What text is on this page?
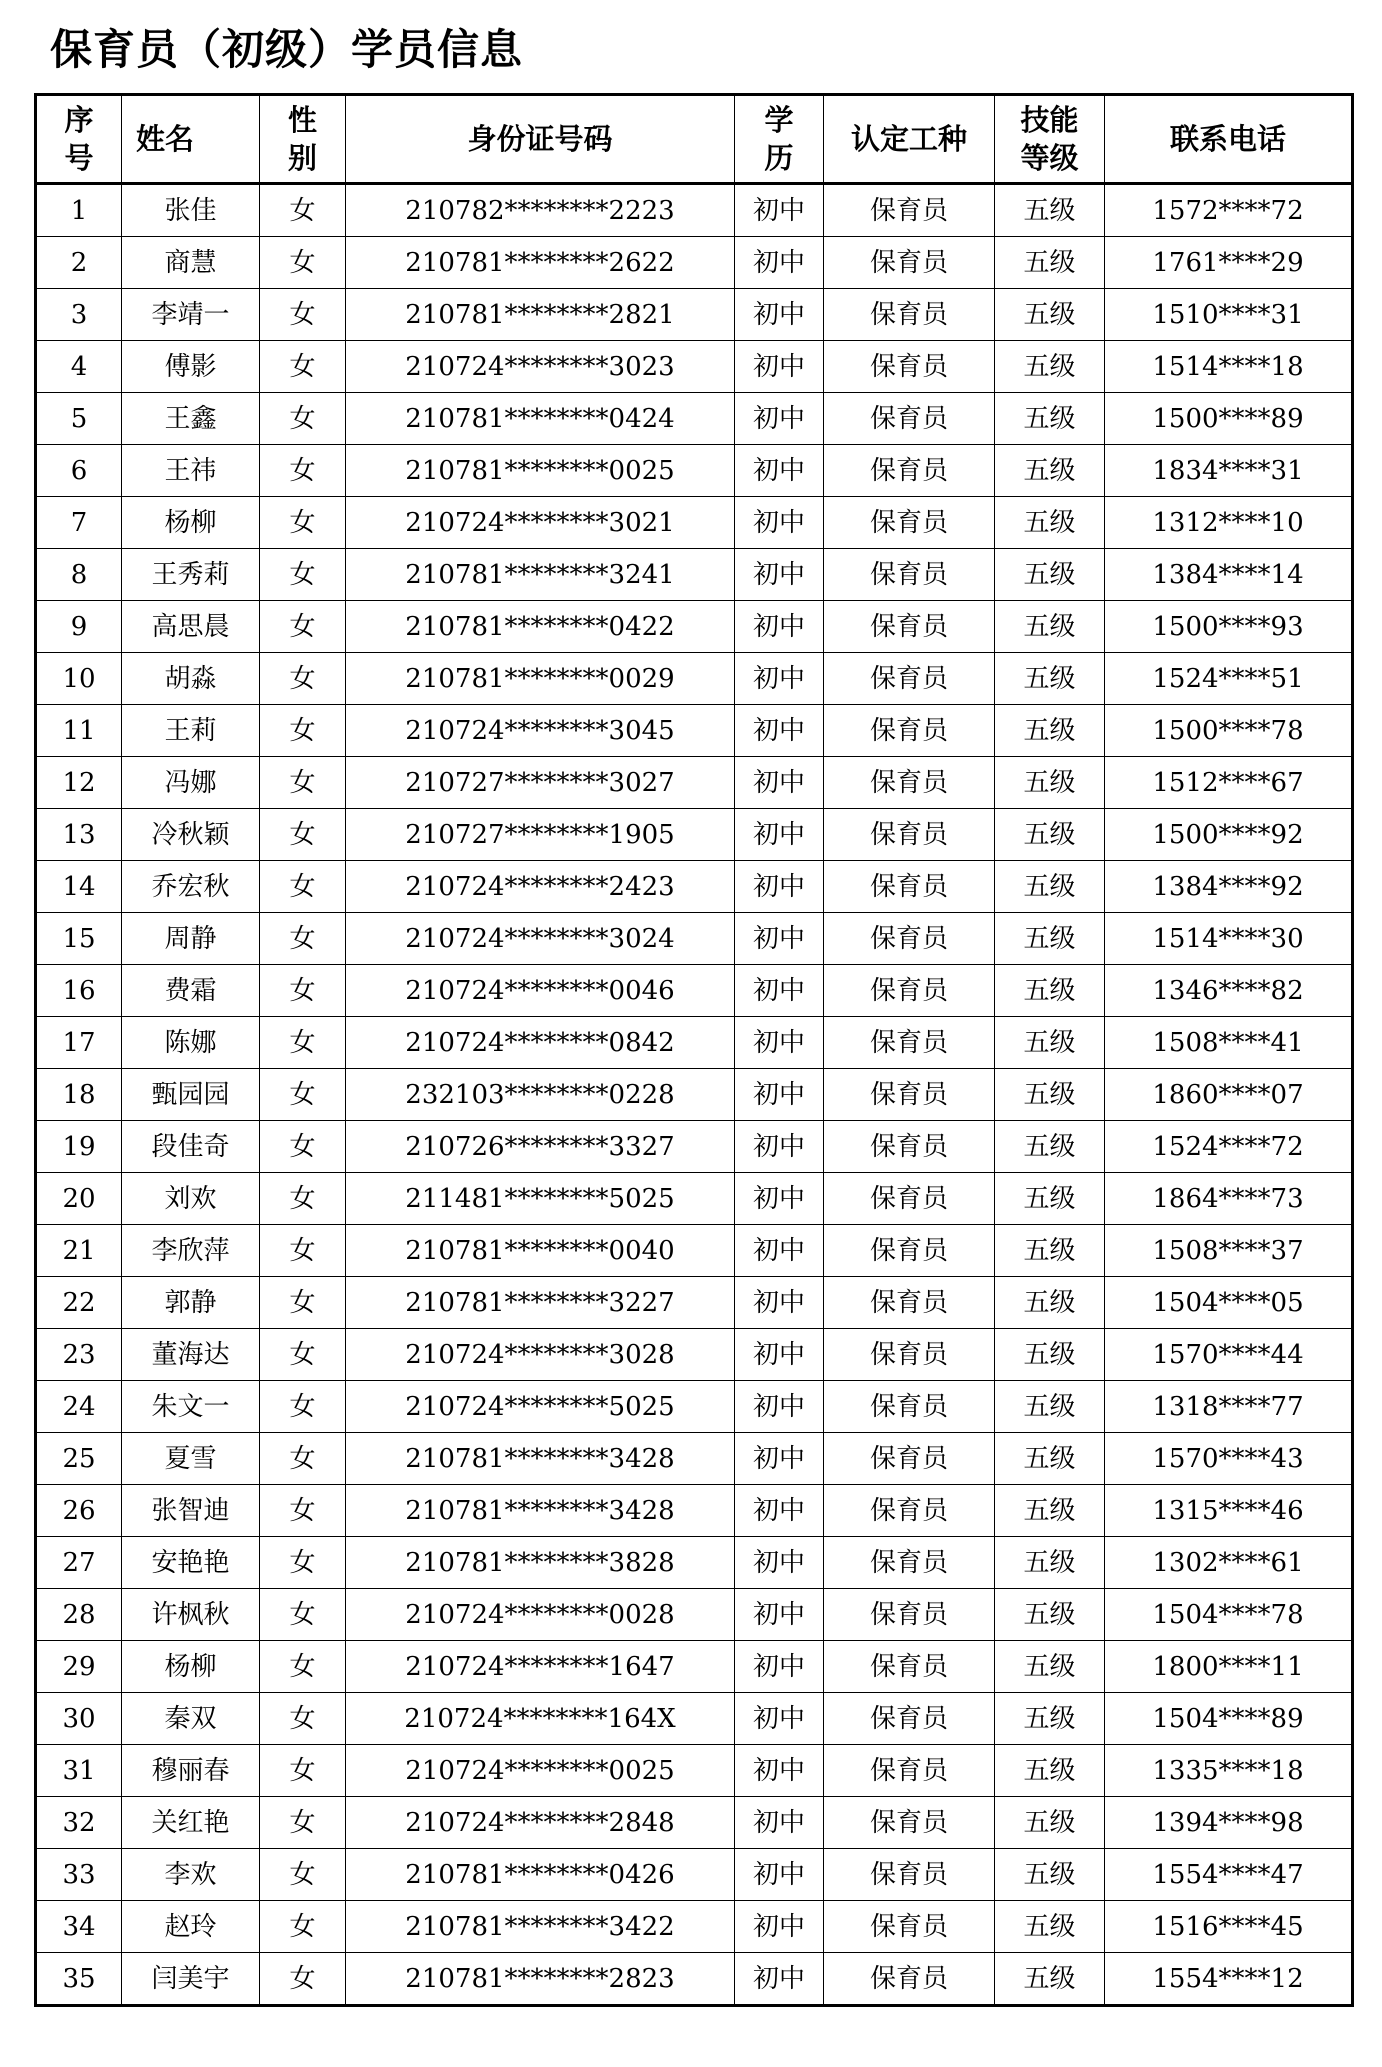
保育员（初级）学员信息
序号	姓名	性别	身份证号码	学历	认定工种	技能等级	联系电话
1	张佳	女	210782********2223	初中	保育员	五级	1572****72
2	商慧	女	210781********2622	初中	保育员	五级	1761****29
3	李靖一	女	210781********2821	初中	保育员	五级	1510****31
4	傅影	女	210724********3023	初中	保育员	五级	1514****18
5	王鑫	女	210781********0424	初中	保育员	五级	1500****89
6	王祎	女	210781********0025	初中	保育员	五级	1834****31
7	杨柳	女	210724********3021	初中	保育员	五级	1312****10
8	王秀莉	女	210781********3241	初中	保育员	五级	1384****14
9	高思晨	女	210781********0422	初中	保育员	五级	1500****93
10	胡淼	女	210781********0029	初中	保育员	五级	1524****51
11	王莉	女	210724********3045	初中	保育员	五级	1500****78
12	冯娜	女	210727********3027	初中	保育员	五级	1512****67
13	冷秋颖	女	210727********1905	初中	保育员	五级	1500****92
14	乔宏秋	女	210724********2423	初中	保育员	五级	1384****92
15	周静	女	210724********3024	初中	保育员	五级	1514****30
16	费霜	女	210724********0046	初中	保育员	五级	1346****82
17	陈娜	女	210724********0842	初中	保育员	五级	1508****41
18	甄园园	女	232103********0228	初中	保育员	五级	1860****07
19	段佳奇	女	210726********3327	初中	保育员	五级	1524****72
20	刘欢	女	211481********5025	初中	保育员	五级	1864****73
21	李欣萍	女	210781********0040	初中	保育员	五级	1508****37
22	郭静	女	210781********3227	初中	保育员	五级	1504****05
23	董海达	女	210724********3028	初中	保育员	五级	1570****44
24	朱文一	女	210724********5025	初中	保育员	五级	1318****77
25	夏雪	女	210781********3428	初中	保育员	五级	1570****43
26	张智迪	女	210781********3428	初中	保育员	五级	1315****46
27	安艳艳	女	210781********3828	初中	保育员	五级	1302****61
28	许枫秋	女	210724********0028	初中	保育员	五级	1504****78
29	杨柳	女	210724********1647	初中	保育员	五级	1800****11
30	秦双	女	210724********164X	初中	保育员	五级	1504****89
31	穆丽春	女	210724********0025	初中	保育员	五级	1335****18
32	关红艳	女	210724********2848	初中	保育员	五级	1394****98
33	李欢	女	210781********0426	初中	保育员	五级	1554****47
34	赵玲	女	210781********3422	初中	保育员	五级	1516****45
35	闫美宇	女	210781********2823	初中	保育员	五级	1554****12
